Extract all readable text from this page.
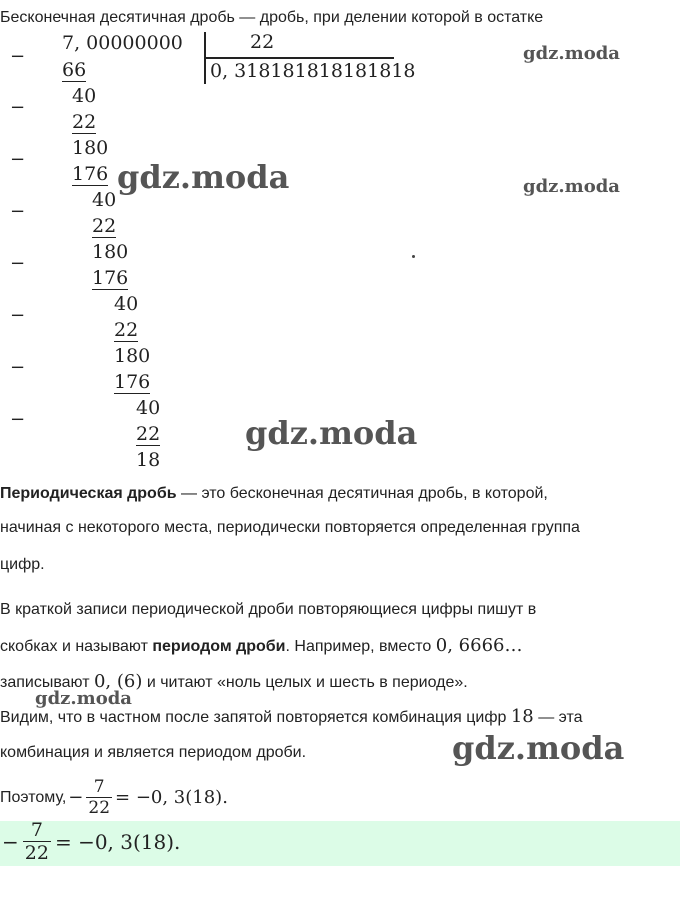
Бесконечная десятичная дробь — дробь, при делении которой в остатке
7, 00000000	22
0, 318181818181818
−
−
−
−
−
−
−
−
66
40
22
180
176
40
22
180
176
40
22
180
176
40
22
18
Периодическая дробь — это бесконечная десятичная дробь, в которой,
начиная с некоторого места, периодически повторяется определенная группа
цифр.
В краткой записи периодической дроби повторяющиеся цифры пишут в
скобках и называют периодом дроби. Например, вместо 0, 6666…
записывают 0, (6) и читают «ноль целых и шесть в периоде».
Видим, что в частном после запятой повторяется комбинация цифр 18 — эта
комбинация и является периодом дроби.
Поэтому, − $\frac{7}{22} = -0$, 3(18).
− $\frac{7}{22} = -0$, 3(18).
gdz.moda
gdz.moda	gdz.moda
gdz.moda
gdz.moda
gdz.moda
